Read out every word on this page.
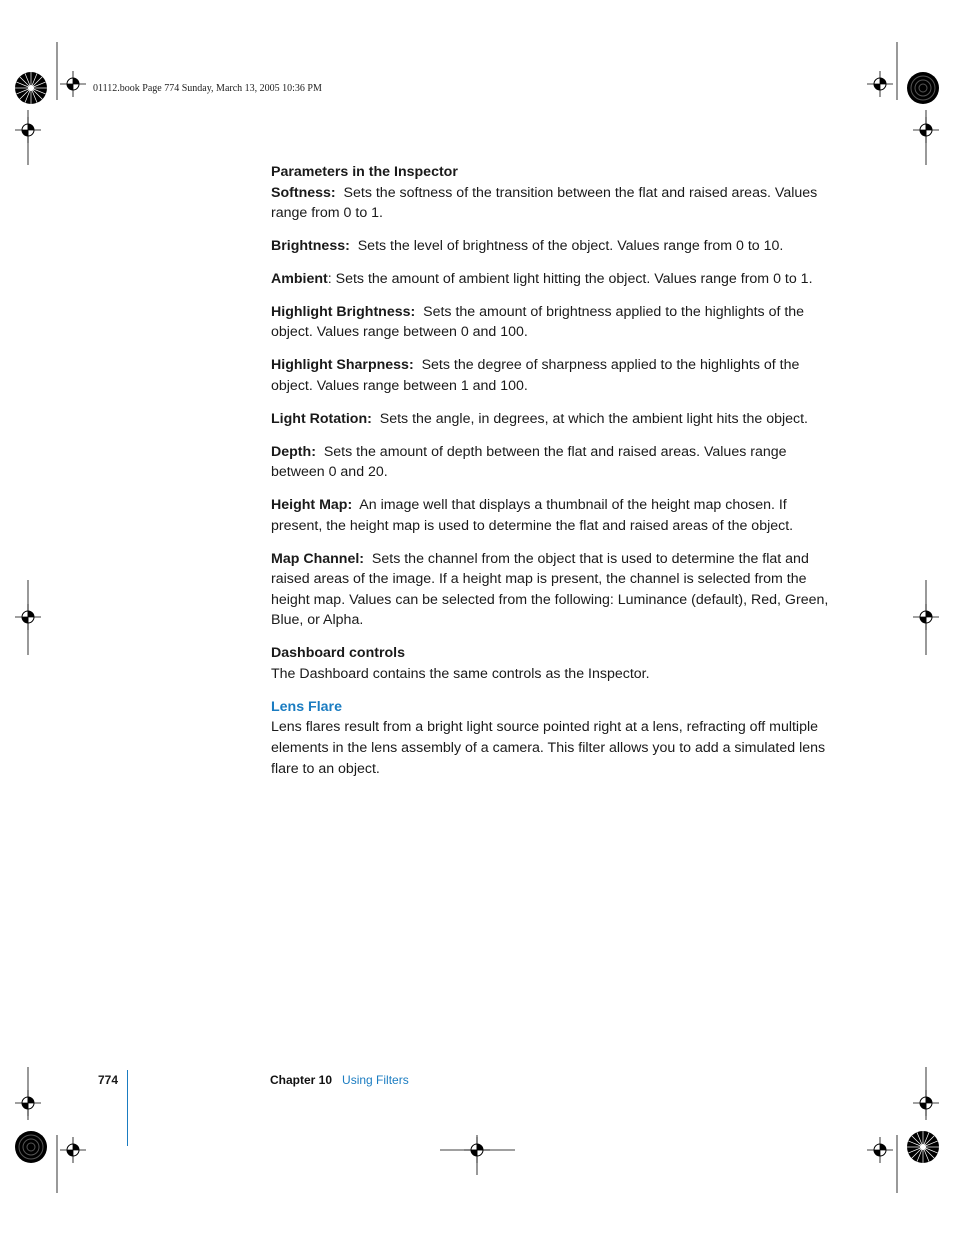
01112.book Page 774 Sunday, March 13, 2005 10:36 PM

Parameters in the Inspector

Softness: Sets the softness of the transition between the flat and raised areas. Values range from 0 to 1.

Brightness: Sets the level of brightness of the object. Values range from 0 to 10.

Ambient: Sets the amount of ambient light hitting the object. Values range from 0 to 1.

Highlight Brightness: Sets the amount of brightness applied to the highlights of the object. Values range between 0 and 100.

Highlight Sharpness: Sets the degree of sharpness applied to the highlights of the object. Values range between 1 and 100.

Light Rotation: Sets the angle, in degrees, at which the ambient light hits the object.

Depth: Sets the amount of depth between the flat and raised areas. Values range between 0 and 20.

Height Map: An image well that displays a thumbnail of the height map chosen. If present, the height map is used to determine the flat and raised areas of the object.

Map Channel: Sets the channel from the object that is used to determine the flat and raised areas of the image. If a height map is present, the channel is selected from the height map. Values can be selected from the following: Luminance (default), Red, Green, Blue, or Alpha.

Dashboard controls

The Dashboard contains the same controls as the Inspector.

Lens Flare

Lens flares result from a bright light source pointed right at a lens, refracting off multiple elements in the lens assembly of a camera. This filter allows you to add a simulated lens flare to an object.

774	Chapter 10 Using Filters
